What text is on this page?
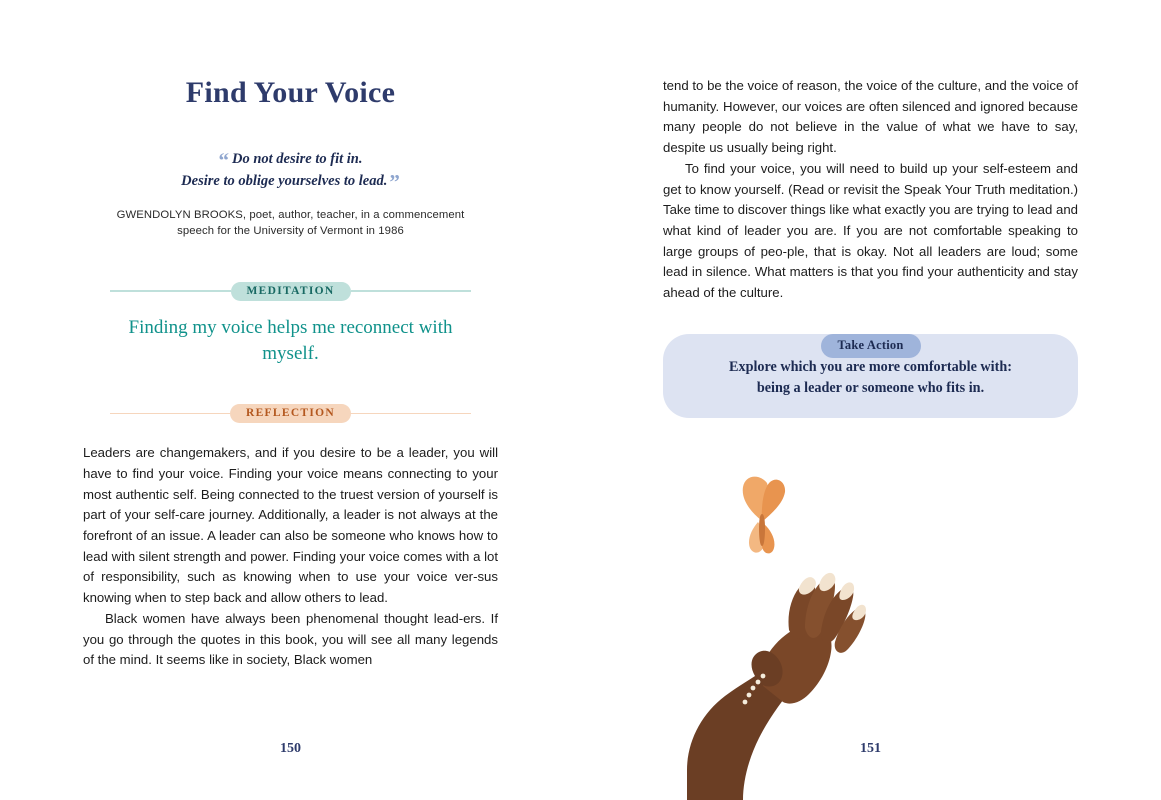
Find Your Voice
“ Do not desire to fit in.
Desire to oblige yourselves to lead.”
GWENDOLYN BROOKS, poet, author, teacher, in a commencement speech for the University of Vermont in 1986
MEDITATION
Finding my voice helps me reconnect with myself.
REFLECTION

Leaders are changemakers, and if you desire to be a leader, you will have to find your voice. Finding your voice means connecting to your most authentic self. Being connected to the truest version of yourself is part of your self-care journey. Additionally, a leader is not always at the forefront of an issue. A leader can also be someone who knows how to lead with silent strength and power. Finding your voice comes with a lot of responsibility, such as knowing when to use your voice ver-sus knowing when to step back and allow others to lead.

Black women have always been phenomenal thought lead-ers. If you go through the quotes in this book, you will see all many legends of the mind. It seems like in society, Black women

150

tend to be the voice of reason, the voice of the culture, and the voice of humanity. However, our voices are often silenced and ignored because many people do not believe in the value of what we have to say, despite us usually being right.

To find your voice, you will need to build up your self-esteem and get to know yourself. (Read or revisit the Speak Your Truth meditation.) Take time to discover things like what exactly you are trying to lead and what kind of leader you are. If you are not comfortable speaking to large groups of peo-ple, that is okay. Not all leaders are loud; some lead in silence. What matters is that you find your authenticity and stay ahead of the culture.

Take Action
Explore which you are more comfortable with:
being a leader or someone who fits in.
151
